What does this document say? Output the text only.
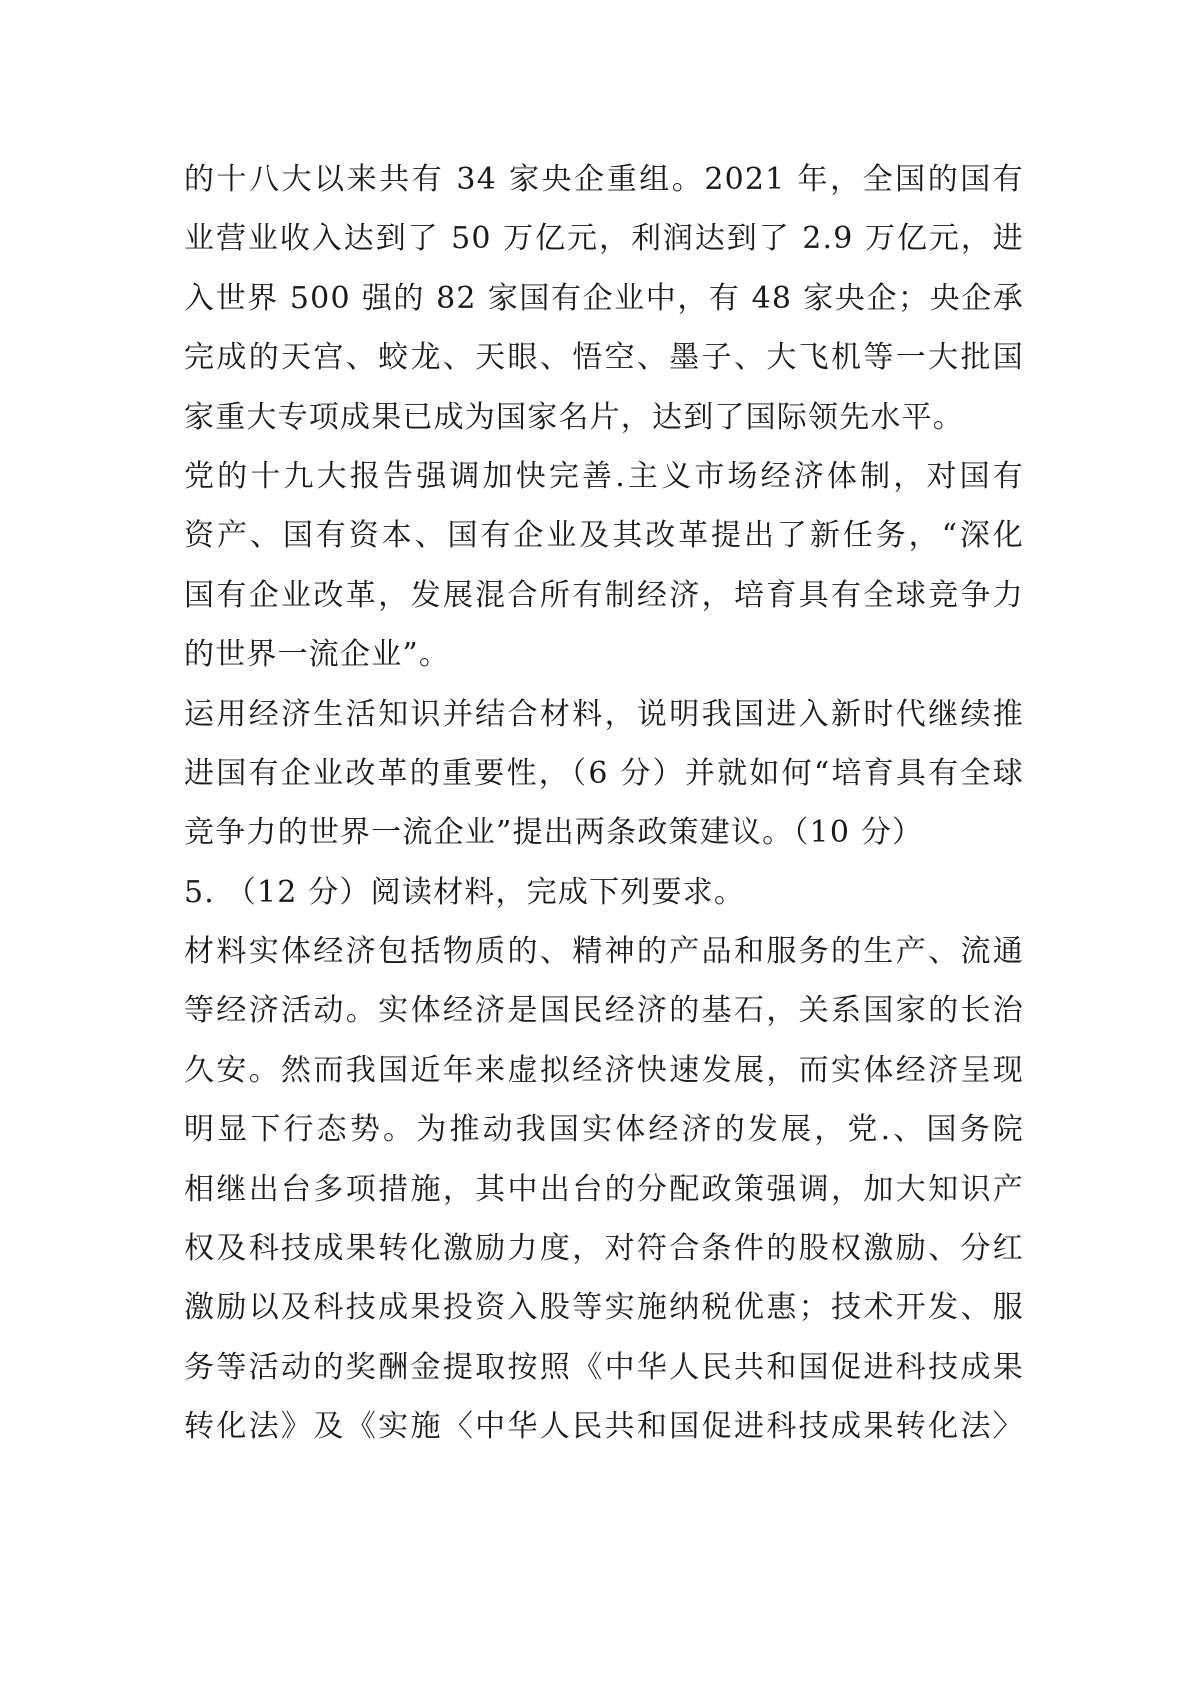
的十八大以来共有 34 家央企重组。2021 年，全国的国有
业营业收入达到了 50 万亿元，利润达到了 2.9 万亿元，进
入世界 500 强的 82 家国有企业中，有 48 家央企；央企承
完成的天宫、蛟龙、天眼、悟空、墨子、大飞机等一大批国
家重大专项成果已成为国家名片，达到了国际领先水平。
党的十九大报告强调加快完善.主义市场经济体制，对国有
资产、国有资本、国有企业及其改革提出了新任务，“深化
国有企业改革，发展混合所有制经济，培育具有全球竞争力
的世界一流企业”。
运用经济生活知识并结合材料，说明我国进入新时代继续推
进国有企业改革的重要性，（6 分）并就如何“培育具有全球
竞争力的世界一流企业”提出两条政策建议。（10 分）
5. （12 分）阅读材料，完成下列要求。
材料实体经济包括物质的、精神的产品和服务的生产、流通
等经济活动。实体经济是国民经济的基石，关系国家的长治
久安。然而我国近年来虚拟经济快速发展，而实体经济呈现
明显下行态势。为推动我国实体经济的发展，党.、国务院
相继出台多项措施，其中出台的分配政策强调，加大知识产
权及科技成果转化激励力度，对符合条件的股权激励、分红
激励以及科技成果投资入股等实施纳税优惠；技术开发、服
务等活动的奖酬金提取按照《中华人民共和国促进科技成果
转化法》及《实施〈中华人民共和国促进科技成果转化法〉
